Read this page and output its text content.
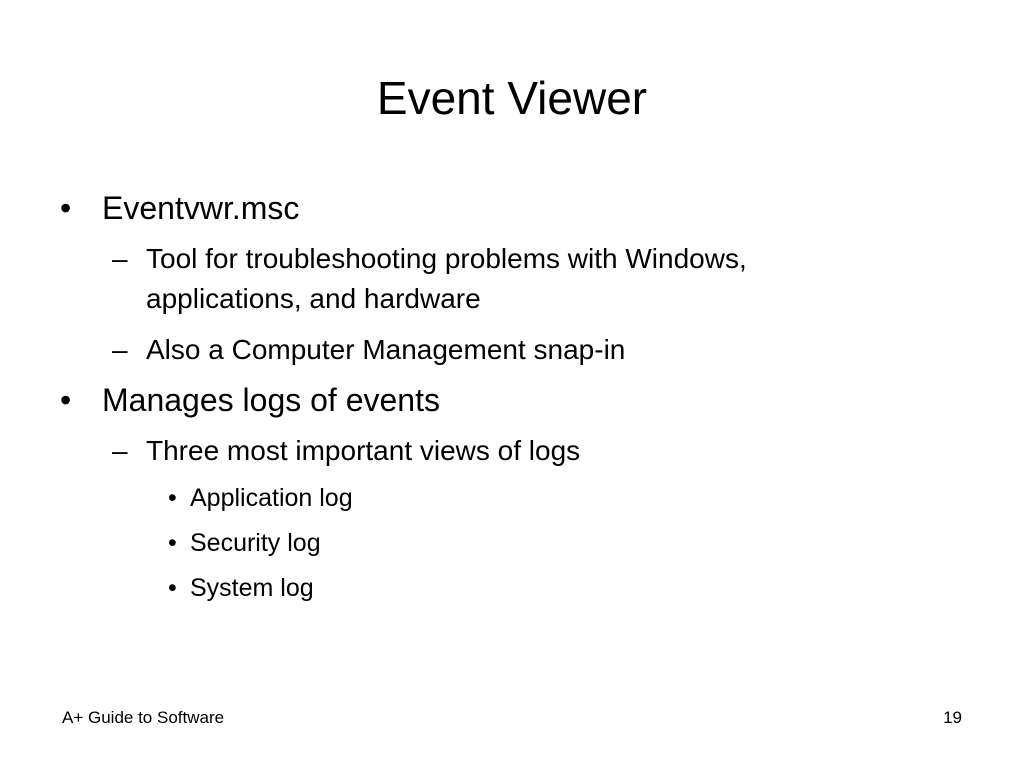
Event Viewer
• Eventvwr.msc
– Tool for troubleshooting problems with Windows, applications, and hardware
– Also a Computer Management snap-in
• Manages logs of events
– Three most important views of logs
• Application log
• Security log
• System log
A+ Guide to Software	19
